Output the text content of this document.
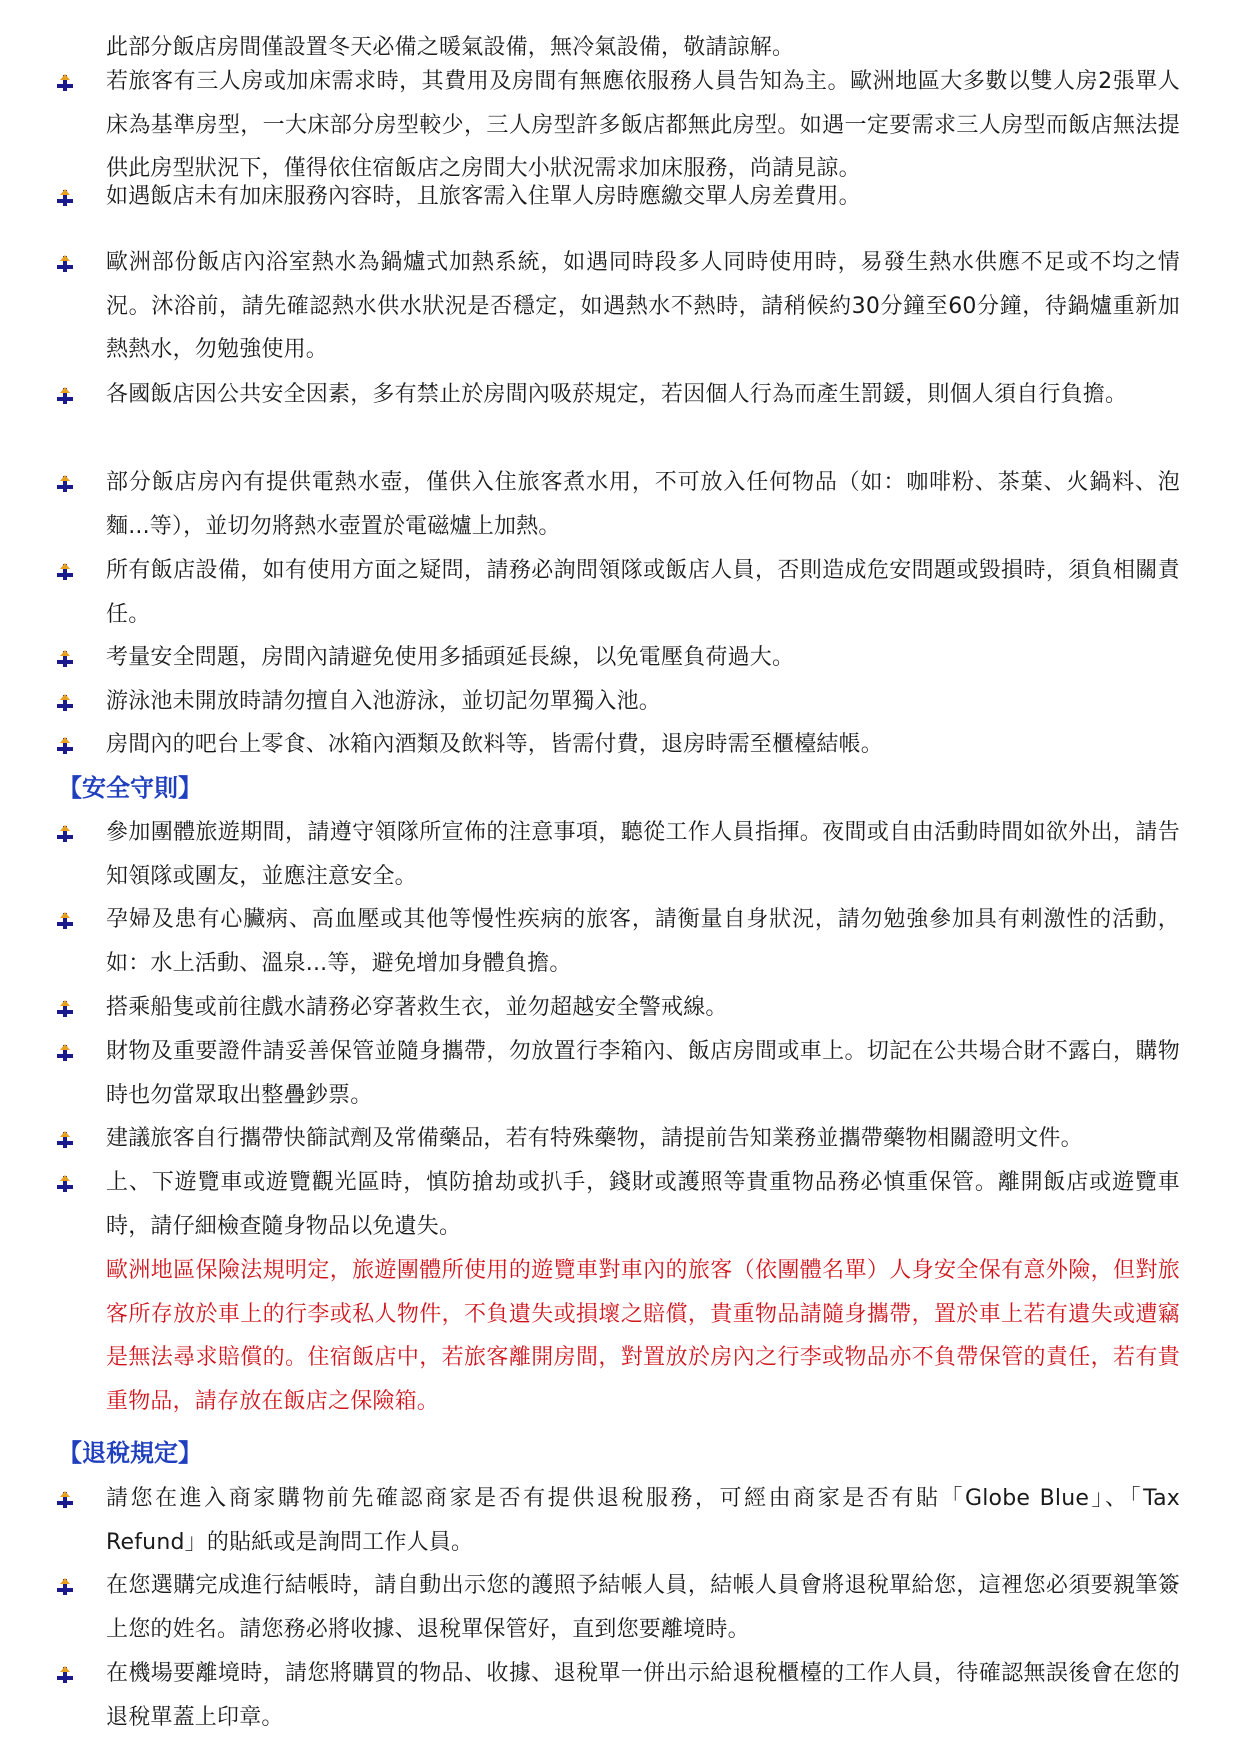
此部分飯店房間僅設置冬天必備之暖氣設備，無冷氣設備，敬請諒解。
若旅客有三人房或加床需求時，其費用及房間有無應依服務人員告知為主。歐洲地區大多數以雙人房2張單人床為基準房型，一大床部分房型較少，三人房型許多飯店都無此房型。如遇一定要需求三人房型而飯店無法提供此房型狀況下，僅得依住宿飯店之房間大小狀況需求加床服務，尚請見諒。
如遇飯店未有加床服務內容時，且旅客需入住單人房時應繳交單人房差費用。
歐洲部份飯店內浴室熱水為鍋爐式加熱系統，如遇同時段多人同時使用時，易發生熱水供應不足或不均之情況。沐浴前，請先確認熱水供水狀況是否穩定，如遇熱水不熱時，請稍候約30分鐘至60分鐘，待鍋爐重新加熱熱水，勿勉強使用。
各國飯店因公共安全因素，多有禁止於房間內吸菸規定，若因個人行為而產生罰鍰，則個人須自行負擔。
部分飯店房內有提供電熱水壺，僅供入住旅客煮水用，不可放入任何物品（如：咖啡粉、茶葉、火鍋料、泡麵...等），並切勿將熱水壺置於電磁爐上加熱。
所有飯店設備，如有使用方面之疑問，請務必詢問領隊或飯店人員，否則造成危安問題或毀損時，須負相關責任。
考量安全問題，房間內請避免使用多插頭延長線，以免電壓負荷過大。
游泳池未開放時請勿擅自入池游泳，並切記勿單獨入池。
房間內的吧台上零食、冰箱內酒類及飲料等，皆需付費，退房時需至櫃檯結帳。
【安全守則】
參加團體旅遊期間，請遵守領隊所宣佈的注意事項，聽從工作人員指揮。夜間或自由活動時間如欲外出，請告知領隊或團友，並應注意安全。
孕婦及患有心臟病、高血壓或其他等慢性疾病的旅客，請衡量自身狀況，請勿勉強參加具有刺激性的活動，如：水上活動、溫泉...等，避免增加身體負擔。
搭乘船隻或前往戲水請務必穿著救生衣，並勿超越安全警戒線。
財物及重要證件請妥善保管並隨身攜帶，勿放置行李箱內、飯店房間或車上。切記在公共場合財不露白，購物時也勿當眾取出整疊鈔票。
建議旅客自行攜帶快篩試劑及常備藥品，若有特殊藥物，請提前告知業務並攜帶藥物相關證明文件。
上、下遊覽車或遊覽觀光區時，慎防搶劫或扒手，錢財或護照等貴重物品務必慎重保管。離開飯店或遊覽車時，請仔細檢查隨身物品以免遺失。
歐洲地區保險法規明定，旅遊團體所使用的遊覽車對車內的旅客（依團體名單）人身安全保有意外險，但對旅客所存放於車上的行李或私人物件，不負遺失或損壞之賠償，貴重物品請隨身攜帶，置於車上若有遺失或遭竊是無法尋求賠償的。住宿飯店中，若旅客離開房間，對置放於房內之行李或物品亦不負帶保管的責任，若有貴重物品，請存放在飯店之保險箱。
【退稅規定】
請您在進入商家購物前先確認商家是否有提供退稅服務，可經由商家是否有貼「Globe Blue」、「Tax Refund」的貼紙或是詢問工作人員。
在您選購完成進行結帳時，請自動出示您的護照予結帳人員，結帳人員會將退稅單給您，這裡您必須要親筆簽上您的姓名。請您務必將收據、退稅單保管好，直到您要離境時。
在機場要離境時，請您將購買的物品、收據、退稅單一併出示給退稅櫃檯的工作人員，待確認無誤後會在您的退稅單蓋上印章。
